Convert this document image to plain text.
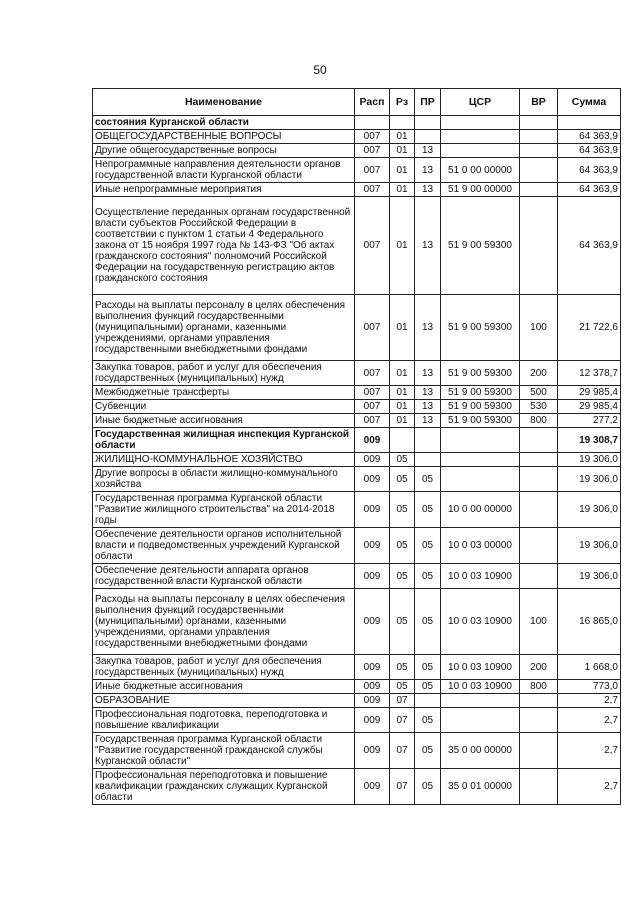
50
Наименование	Расп	Рз	ПР	ЦСР	ВР	Сумма
состояния Курганской области						
ОБЩЕГОСУДАРСТВЕННЫЕ ВОПРОСЫ	007	01				64 363,9
Другие общегосударственные вопросы	007	01	13			64 363,9
Непрограммные направления деятельности органов государственной власти Курганской области	007	01	13	51 0 00 00000		64 363,9
Иные непрограммные мероприятия	007	01	13	51 9 00 00000		64 363,9
Осуществление переданных органам государственной власти субъектов Российской Федерации в соответствии с пунктом 1 статьи 4 Федерального закона от 15 ноября 1997 года № 143-ФЗ "Об актах гражданского состояния" полномочий Российской Федерации на государственную регистрацию актов гражданского состояния	007	01	13	51 9 00 59300		64 363,9
Расходы на выплаты персоналу в целях обеспечения выполнения функций государственными (муниципальными) органами, казенными учреждениями, органами управления государственными внебюджетными фондами	007	01	13	51 9 00 59300	100	21 722,6
Закупка товаров, работ и услуг для обеспечения государственных (муниципальных) нужд	007	01	13	51 9 00 59300	200	12 378,7
Межбюджетные трансферты	007	01	13	51 9 00 59300	500	29 985,4
Субвенции	007	01	13	51 9 00 59300	530	29 985,4
Иные бюджетные ассигнования	007	01	13	51 9 00 59300	800	277,2
Государственная жилищная инспекция Курганской области	009					19 308,7
ЖИЛИЩНО-КОММУНАЛЬНОЕ ХОЗЯЙСТВО	009	05				19 306,0
Другие вопросы в области жилищно-коммунального хозяйства	009	05	05			19 306,0
Государственная программа Курганской области "Развитие жилищного строительства" на 2014-2018 годы	009	05	05	10 0 00 00000		19 306,0
Обеспечение деятельности органов исполнительной власти и подведомственных учреждений Курганской области	009	05	05	10 0 03 00000		19 306,0
Обеспечение деятельности аппарата органов государственной власти Курганской области	009	05	05	10 0 03 10900		19 306,0
Расходы на выплаты персоналу в целях обеспечения выполнения функций государственными (муниципальными) органами, казенными учреждениями, органами управления государственными внебюджетными фондами	009	05	05	10 0 03 10900	100	16 865,0
Закупка товаров, работ и услуг для обеспечения государственных (муниципальных) нужд	009	05	05	10 0 03 10900	200	1 668,0
Иные бюджетные ассигнования	009	05	05	10 0 03 10900	800	773,0
ОБРАЗОВАНИЕ	009	07				2,7
Профессиональная подготовка, переподготовка и повышение квалификации	009	07	05			2,7
Государственная программа Курганской области "Развитие государственной гражданской службы Курганской области"	009	07	05	35 0 00 00000		2,7
Профессиональная переподготовка и повышение квалификации гражданских служащих Курганской области	009	07	05	35 0 01 00000		2,7
